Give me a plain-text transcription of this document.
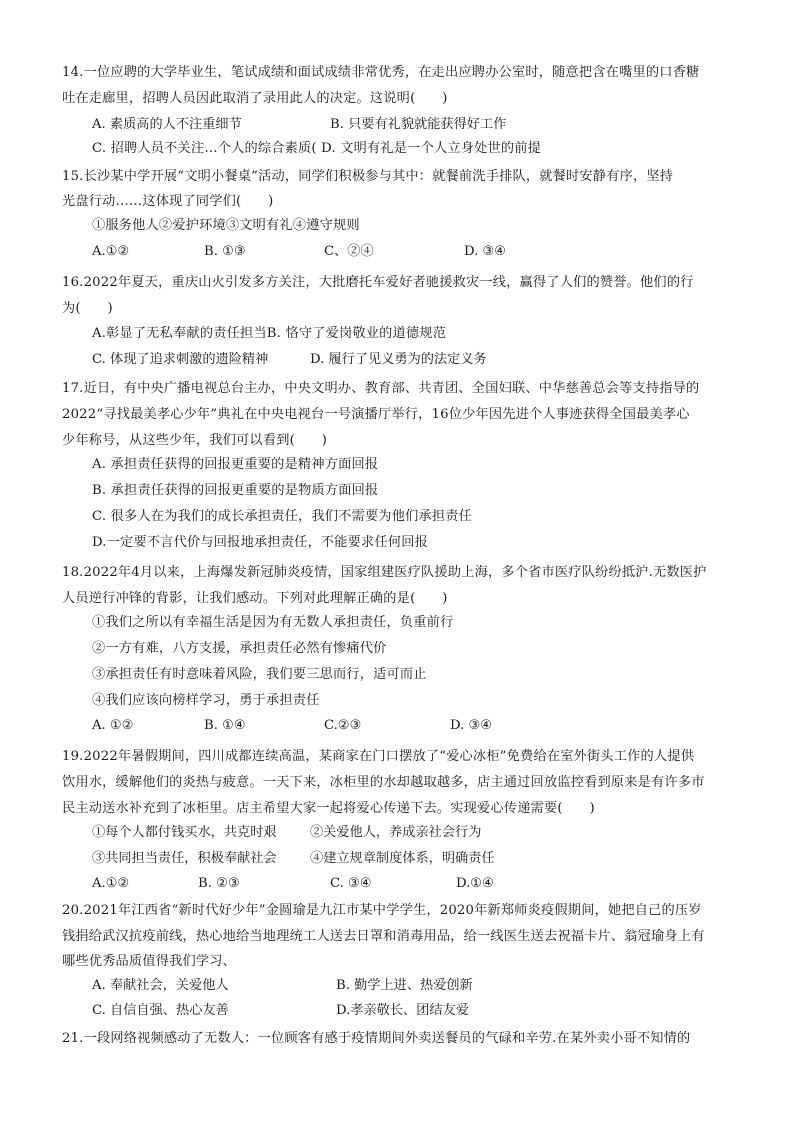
14.一位应聘的大学毕业生，笔试成绩和面试成绩非常优秀，在走出应聘办公室时，随意把含在嘴里的口香糖
吐在走廊里，招聘人员因此取消了录用此人的决定。这说明(　　)
A. 素质高的人不注重细节	B. 只要有礼貌就能获得好工作
C. 招聘人员不关注…个人的综合素质( D. 文明有礼是一个人立身处世的前提
15.长沙某中学开展“文明小餐桌”活动，同学们积极参与其中：就餐前洗手排队，就餐时安静有序，坚持
光盘行动……这体现了同学们(　　)
①服务他人②爱护环境③文明有礼④遵守规则
A.①②	B. ①③	C、②④	D. ③④
16.2022年夏天，重庆山火引发多方关注，大批磨托车爱好者驰援救灾一线，赢得了人们的赞誉。他们的行
为(　　)
A.彰显了无私奉献的责任担当B. 恪守了爱岗敬业的道德规范
C. 体现了追求刺激的遗险精神	D. 履行了见义勇为的法定义务
17.近日，有中央广播电视总台主办，中央文明办、教育部、共青团、全国妇联、中华慈善总会等支持指导的
2022“寻找最美孝心少年”典礼在中央电视台一号演播厅举行，16位少年因先进个人事迹获得全国最美孝心
少年称号，从这些少年，我们可以看到(　　)
A. 承担责任获得的回报更重要的是精神方面回报
B. 承担责任获得的回报更重要的是物质方面回报
C. 很多人在为我们的成长承担责任，我们不需要为他们承担责任
D.一定要不言代价与回报地承担责任，不能要求任何回报
18.2022年4月以来，上海爆发新冠肺炎疫情，国家组建医疗队援助上海，多个省市医疗队纷纷抵沪.无数医护
人员逆行冲锋的背影，让我们感动。下列对此理解正确的是(　　)
①我们之所以有幸福生活是因为有无数人承担责任，负重前行
②一方有难，八方支援，承担责任必然有惨痛代价
③承担责任有时意味着风险，我们要三思而行，适可而止
④我们应该向榜样学习，勇于承担责任
A. ①②	B. ①④	C.②③	D. ③④
19.2022年暑假期间，四川成都连续高温，某商家在门口摆放了“爱心冰柜”免费给在室外街头工作的人提供
饮用水，缓解他们的炎热与疲意。一天下来，冰柜里的水却越取越多，店主通过回放监控看到原来是有许多市
民主动送水补充到了冰柜里。店主希望大家一起将爱心传递下去。实现爱心传递需要(　　)
①每个人都付钱买水，共克时艰	②关爱他人，养成亲社会行为
③共同担当责任，积极奉献社会	④建立规章制度体系，明确责任
A.①②	B. ②③	C. ③④	D.①④
20.2021年江西省“新时代好少年”金圆瑜是九江市某中学学生，2020年新郑师炎疫假期间，她把自己的压岁
钱捐给武汉抗疫前线，热心地给当地理统工人送去日罩和消毒用品，给一线医生送去祝福卡片、翁冠瑜身上有
哪些优秀品质值得我们学习、
A. 奉献社会，关爱他人	B. 勤学上进、热爱创新
C. 自信自强、热心友善	D.孝亲敬长、团结友爱
21.一段网络视频感动了无数人：一位顾客有感于疫情期间外卖送餐员的气碌和辛劳.在某外卖小哥不知情的
